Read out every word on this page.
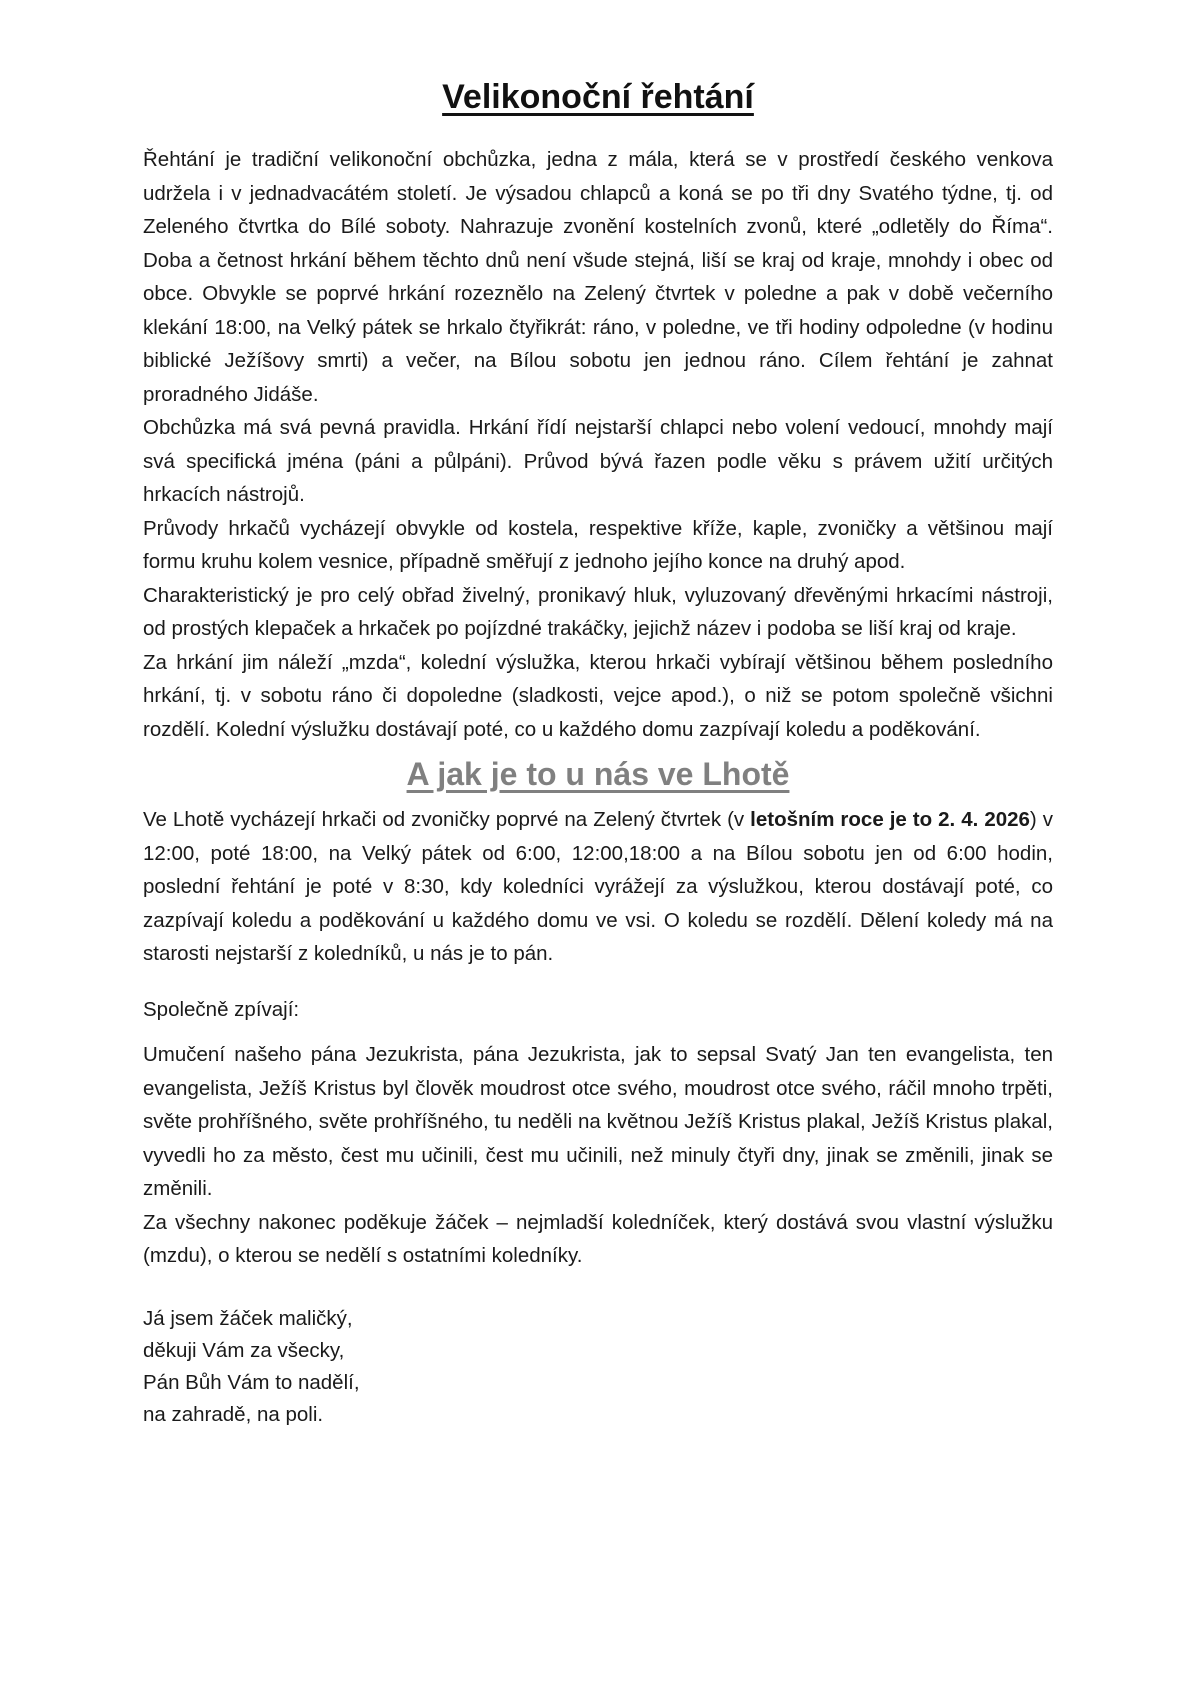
Velikonoční řehtání

Řehtání je tradiční velikonoční obchůzka, jedna z mála, která se v prostředí českého venkova udržela i v jednadvacátém století. Je výsadou chlapců a koná se po tři dny Svatého týdne, tj. od Zeleného čtvrtka do Bílé soboty. Nahrazuje zvonění kostelních zvonů, které „odletěly do Říma“. Doba a četnost hrkání během těchto dnů není všude stejná, liší se kraj od kraje, mnohdy i obec od obce. Obvykle se poprvé hrkání rozeznělo na Zelený čtvrtek v poledne a pak v době večerního klekání 18:00, na Velký pátek se hrkalo čtyřikrát: ráno, v poledne, ve tři hodiny odpoledne (v hodinu biblické Ježíšovy smrti) a večer, na Bílou sobotu jen jednou ráno. Cílem řehtání je zahnat proradného Jidáše.

Obchůzka má svá pevná pravidla. Hrkání řídí nejstarší chlapci nebo volení vedoucí, mnohdy mají svá specifická jména (páni a půlpáni). Průvod bývá řazen podle věku s právem užití určitých hrkacích nástrojů.

Průvody hrkačů vycházejí obvykle od kostela, respektive kříže, kaple, zvoničky a většinou mají formu kruhu kolem vesnice, případně směřují z jednoho jejího konce na druhý apod.

Charakteristický je pro celý obřad živelný, pronikavý hluk, vyluzovaný dřevěnými hrkacími nástroji, od prostých klepaček a hrkaček po pojízdné trakáčky, jejichž název i podoba se liší kraj od kraje.

Za hrkání jim náleží „mzda“, kolední výslužka, kterou hrkači vybírají většinou během posledního hrkání, tj. v sobotu ráno či dopoledne (sladkosti, vejce apod.), o niž se potom společně všichni rozdělí. Kolední výslužku dostávají poté, co u každého domu zazpívají koledu a poděkování.

A jak je to u nás ve Lhotě

Ve Lhotě vycházejí hrkači od zvoničky poprvé na Zelený čtvrtek (v letošním roce je to 2. 4. 2026) v 12:00, poté 18:00, na Velký pátek od 6:00, 12:00,18:00 a na Bílou sobotu jen od 6:00 hodin, poslední řehtání je poté v 8:30, kdy koledníci vyrážejí za výslužkou, kterou dostávají poté, co zazpívají koledu a poděkování u každého domu ve vsi. O koledu se rozdělí. Dělení koledy má na starosti nejstarší z koledníků, u nás je to pán.

Společně zpívají:

Umučení našeho pána Jezukrista, pána Jezukrista, jak to sepsal Svatý Jan ten evangelista, ten evangelista, Ježíš Kristus byl člověk moudrost otce svého, moudrost otce svého, ráčil mnoho trpěti, světe prohříšného, světe prohříšného, tu neděli na květnou Ježíš Kristus plakal, Ježíš Kristus plakal, vyvedli ho za město, čest mu učinili, čest mu učinili, než minuly čtyři dny, jinak se změnili, jinak se změnili.

Za všechny nakonec poděkuje žáček – nejmladší koledníček, který dostává svou vlastní výslužku (mzdu), o kterou se nedělí s ostatními koledníky.

Já jsem žáček maličký,
děkuji Vám za všecky,
Pán Bůh Vám to nadělí,
na zahradě, na poli.
